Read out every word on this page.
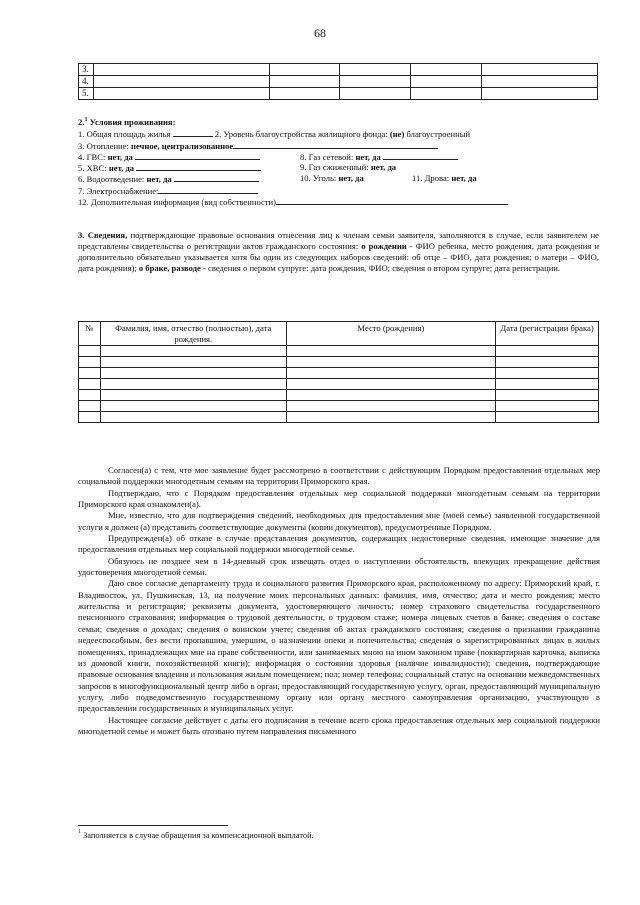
68
3.					
4.					
5.					
2.$^1$ Условия проживания:
1. Общая площадь жилья	2. Уровень благоустройства жилищного фонда: (не) благоустроенный
3. Отопление: печное, централизованное
4. ГВС: нет, да	8. Газ сетевой: нет, да
5. ХВС: нет, да	9. Газ сжиженный: нет, да
6. Водоотведение: нет, да	10. Уголь: нет, да	11. Дрова: нет, да
7. Электроснабжение:
12. Дополнительная информация (вид собственности)

3. Сведения, подтверждающие правовые основания отнесения лиц к членам семьи заявителя, заполняются в случае, если заявителем не представлены свидетельства о регистрации актов гражданского состояния: о рождении - ФИО ребенка, место рождения, дата рождения и дополнительно обязательно указывается хотя бы один из следующих наборов сведений: об отце – ФИО, дата рождения; о матери – ФИО, дата рождения); о браке, разводе - сведения о первом супруге: дата рождения, ФИО; сведения о втором супруге; дата регистрации.

№	Фамилия, имя, отчество (полностью), дата рождения.	Место (рождения)	Дата (регистрации брака)

Согласен(а) с тем, что мое заявление будет рассмотрено в соответствии с действующим Порядком предоставления отдельных мер социальной поддержки многодетным семьям на территории Приморского края.

Подтверждаю, что с Порядком предоставления отдельных мер социальной поддержки многодетным семьям на территории Приморского края ознакомлен(а).

Мне, известно, что для подтверждения сведений, необходимых для предоставления мне (моей семье) заявленной государственной услуги я должен (а) представить соответствующие документы (копии документов), предусмотренные Порядком.

Предупрежден(а) об отказе в случае представления документов, содержащих недостоверные сведения, имеющие значение для предоставления отдельных мер социальной поддержки многодетной семье.

Обязуюсь не позднее чем в 14-дневный срок извещать отдел о наступлении обстоятельств, влекущих прекращение действия удостоверения многодетной семьи.

Даю свое согласие департаменту труда и социального развития Приморского края, расположенному по адресу: Приморский край, г. Владивосток, ул. Пушкинская, 13, на получение моих персональных данных: фамилия, имя, отчество; дата и место рождения; место жительства и регистрация; реквизиты документа, удостоверяющего личность; номер страхового свидетельства государственного пенсионного страхования; информация о трудовой деятельности, о трудовом стаже; номера лицевых счетов в банке; сведения о составе семьи; сведения о доходах; сведения о воинском учете; сведения об актах гражданского состояния; сведения о признании гражданина недееспособным, без вести пропавшим, умершим, о назначении опеки и попечительства; сведения о зарегистрированных лицах в жилых помещениях, принадлежащих мне на праве собственности, или занимаемых мною на ином законном праве (поквартирная карточка, выписка из домовой книги, похозяйственной книги); информация о состоянии здоровья (наличие инвалидности); сведения, подтверждающие правовые основания владения и пользования жилым помещением; пол; номер телефона; социальный статус на основании межведомственных запросов в многофункциональный центр либо в орган, предоставляющий государственную услугу, орган, предоставляющий муниципальную услугу, либо подведомственную государственному органу или органу местного самоуправления организацию, участвующую в предоставлении государственных и муниципальных услуг.

Настоящее согласие действует с даты его подписания в течение всего срока предоставления отдельных мер социальной поддержки многодетной семье и может быть отозвано путем направления письменного

$^1$ Заполняется в случае обращения за компенсационной выплатой.
